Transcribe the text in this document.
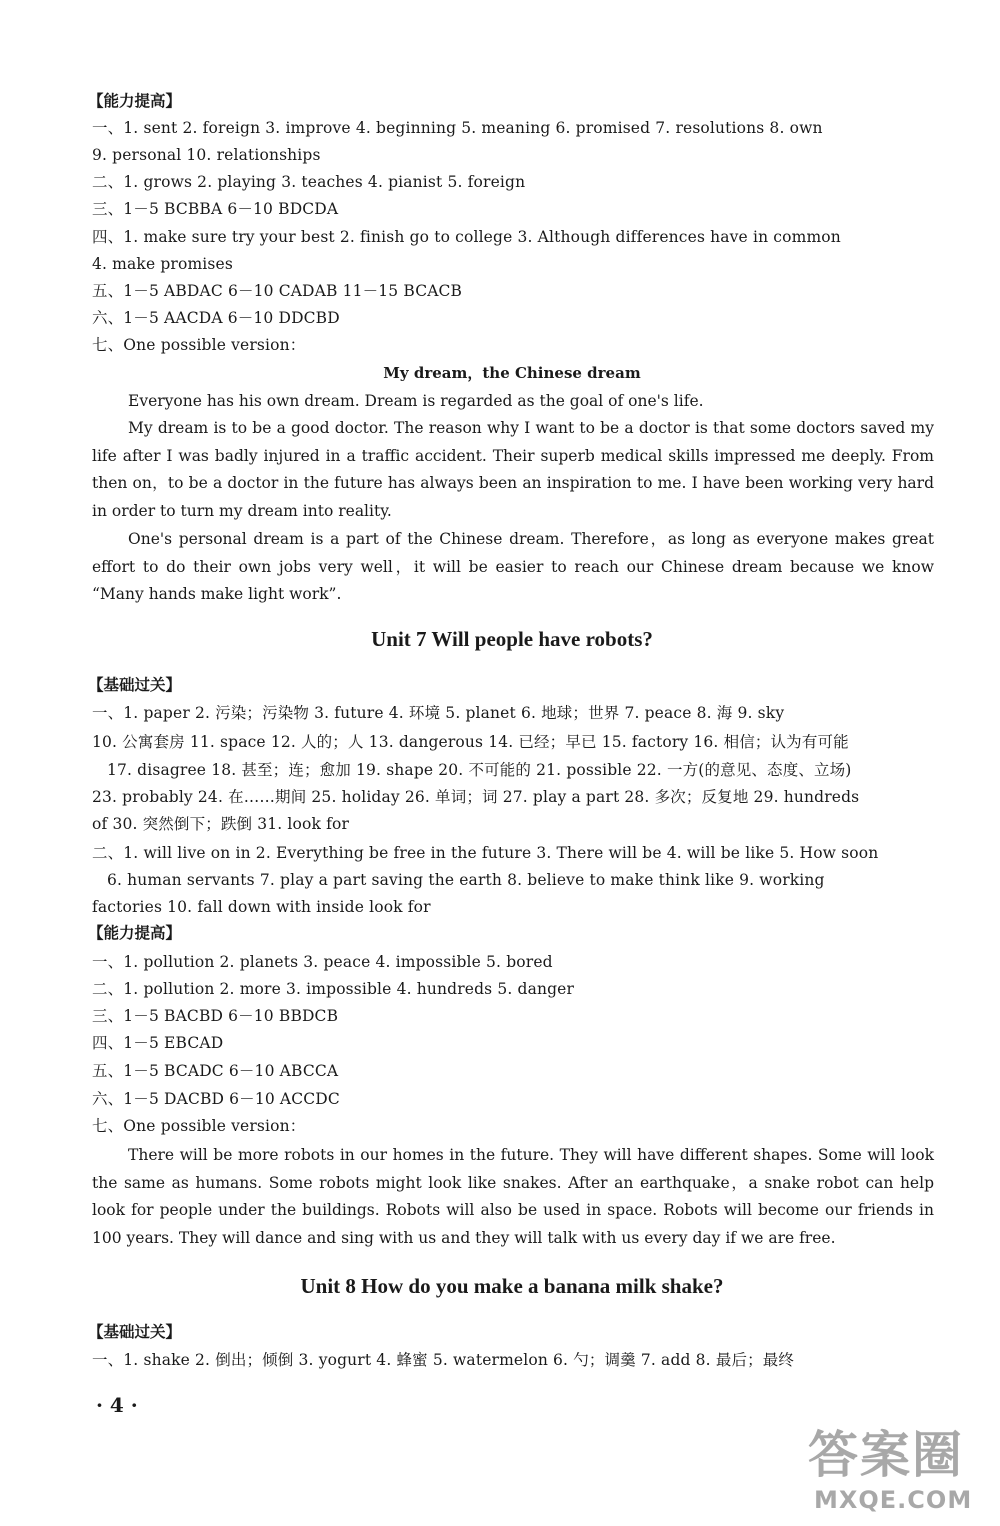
【能力提高】
一、1. sent 2. foreign 3. improve 4. beginning 5. meaning 6. promised 7. resolutions 8. own
9. personal 10. relationships
二、1. grows 2. playing 3. teaches 4. pianist 5. foreign
三、1－5 BCBBA 6－10 BDCDA
四、1. make sure try your best 2. finish go to college 3. Although differences have in common
4. make promises
五、1－5 ABDAC 6－10 CADAB 11－15 BCACB
六、1－5 AACDA 6－10 DDCBD
七、One possible version：
My dream，the Chinese dream
Everyone has his own dream. Dream is regarded as the goal of one's life.
My dream is to be a good doctor. The reason why I want to be a doctor is that some doctors saved my life after I was badly injured in a traffic accident. Their superb medical skills impressed me deeply. From then on，to be a doctor in the future has always been an inspiration to me. I have been working very hard in order to turn my dream into reality.
One's personal dream is a part of the Chinese dream. Therefore，as long as everyone makes great effort to do their own jobs very well，it will be easier to reach our Chinese dream because we know “Many hands make light work”.
Unit 7 Will people have robots?
【基础过关】
一、1. paper 2. 污染；污染物 3. future 4. 环境 5. planet 6. 地球；世界 7. peace 8. 海 9. sky
10. 公寓套房 11. space 12. 人的；人 13. dangerous 14. 已经；早已 15. factory 16. 相信；认为有可能
17. disagree 18. 甚至；连；愈加 19. shape 20. 不可能的 21. possible 22. 一方(的意见、态度、立场)
23. probably 24. 在……期间 25. holiday 26. 单词；词 27. play a part 28. 多次；反复地 29. hundreds
of 30. 突然倒下；跌倒 31. look for
二、1. will live on in 2. Everything be free in the future 3. There will be 4. will be like 5. How soon
6. human servants 7. play a part saving the earth 8. believe to make think like 9. working
factories 10. fall down with inside look for
【能力提高】
一、1. pollution 2. planets 3. peace 4. impossible 5. bored
二、1. pollution 2. more 3. impossible 4. hundreds 5. danger
三、1－5 BACBD 6－10 BBDCB
四、1－5 EBCAD
五、1－5 BCADC 6－10 ABCCA
六、1－5 DACBD 6－10 ACCDC
七、One possible version：
There will be more robots in our homes in the future. They will have different shapes. Some will look the same as humans. Some robots might look like snakes. After an earthquake，a snake robot can help look for people under the buildings. Robots will also be used in space. Robots will become our friends in 100 years. They will dance and sing with us and they will talk with us every day if we are free.
Unit 8 How do you make a banana milk shake?
【基础过关】
一、1. shake 2. 倒出；倾倒 3. yogurt 4. 蜂蜜 5. watermelon 6. 勺；调羹 7. add 8. 最后；最终
· 4 ·
答案圈
MXQE.COM
